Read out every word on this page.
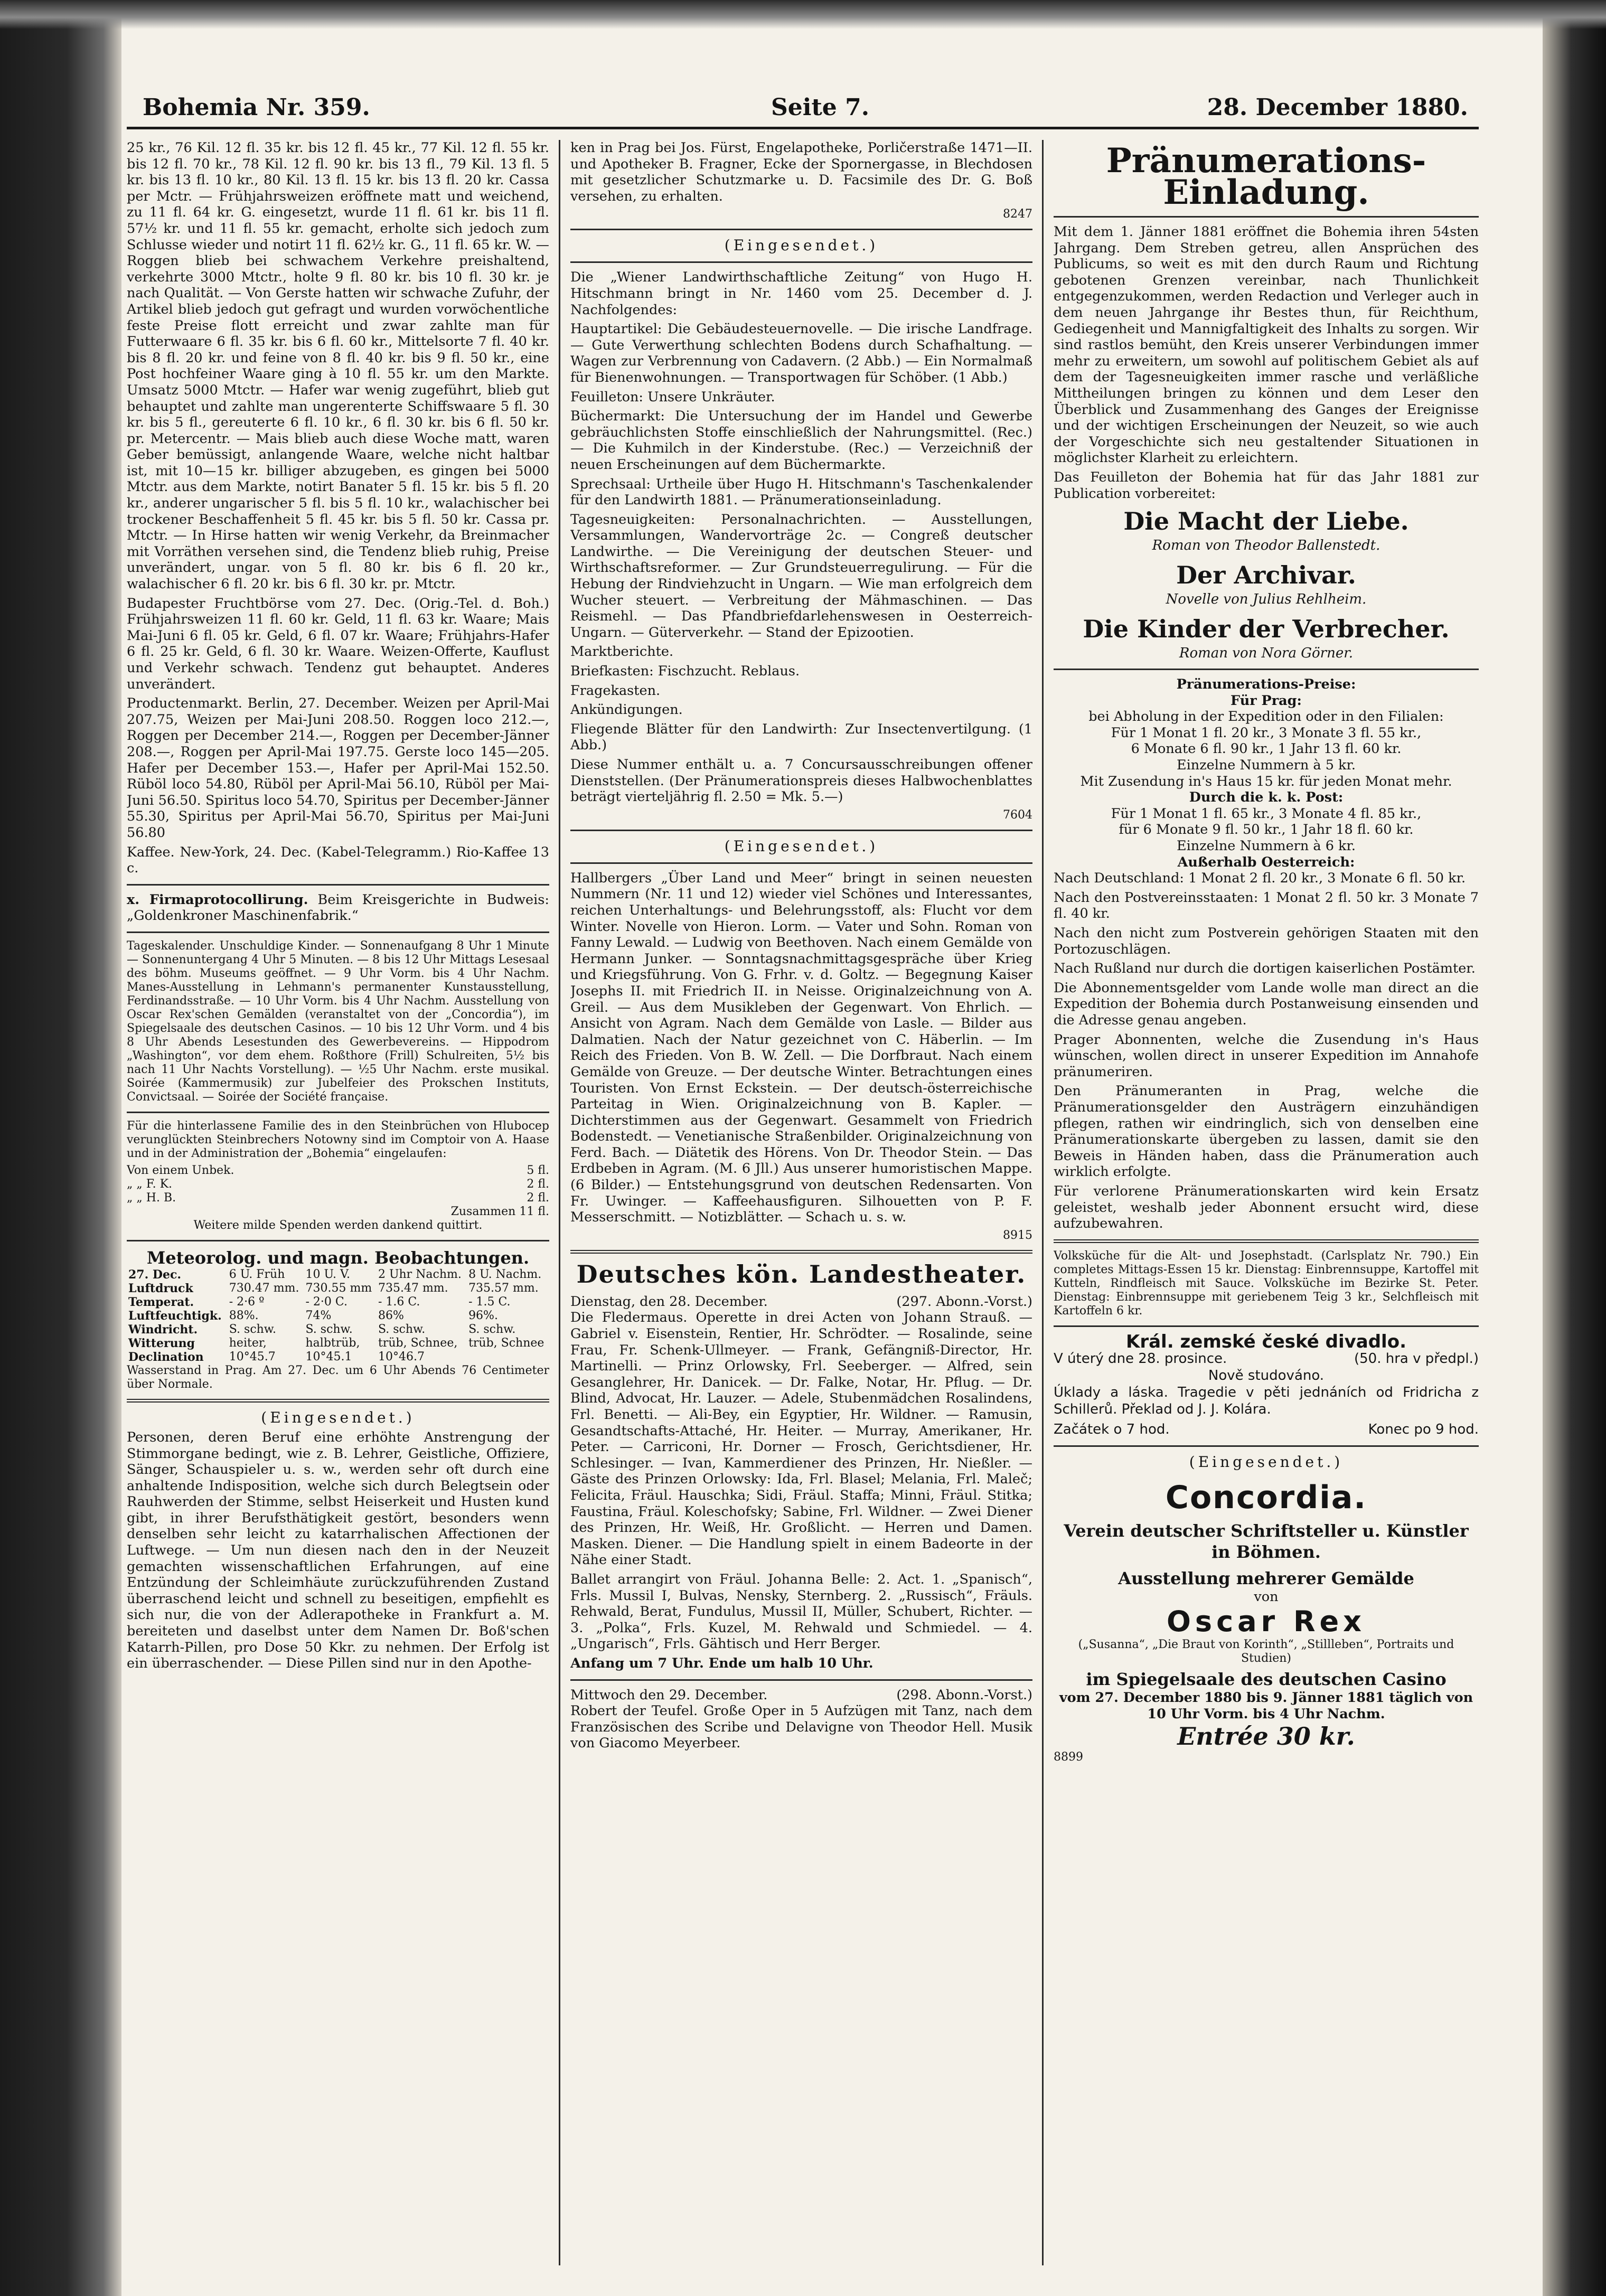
Bohemia Nr. 359.	Seite 7.	28. December 1880.

25 kr., 76 Kil. 12 fl. 35 kr. bis 12 fl. 45 kr., 77 Kil. 12 fl. 55 kr. bis 12 fl. 70 kr., 78 Kil. 12 fl. 90 kr. bis 13 fl., 79 Kil. 13 fl. 5 kr. bis 13 fl. 10 kr., 80 Kil. 13 fl. 15 kr. bis 13 fl. 20 kr. Cassa per Mctr. — Frühjahrsweizen eröffnete matt und weichend, zu 11 fl. 64 kr. G. eingesetzt, wurde 11 fl. 61 kr. bis 11 fl. 57½ kr. und 11 fl. 55 kr. gemacht, erholte sich jedoch zum Schlusse wieder und notirt 11 fl. 62½ kr. G., 11 fl. 65 kr. W. — Roggen blieb bei schwachem Verkehre preishaltend, verkehrte 3000 Mtctr., holte 9 fl. 80 kr. bis 10 fl. 30 kr. je nach Qualität. — Von Gerste hatten wir schwache Zufuhr, der Artikel blieb jedoch gut gefragt und wurden vorwöchentliche feste Preise flott erreicht und zwar zahlte man für Futterwaare 6 fl. 35 kr. bis 6 fl. 60 kr., Mittelsorte 7 fl. 40 kr. bis 8 fl. 20 kr. und feine von 8 fl. 40 kr. bis 9 fl. 50 kr., eine Post hochfeiner Waare ging à 10 fl. 55 kr. um den Markte. Umsatz 5000 Mtctr. — Hafer war wenig zugeführt, blieb gut behauptet und zahlte man ungerenterte Schiffswaare 5 fl. 30 kr. bis 5 fl., gereuterte 6 fl. 10 kr., 6 fl. 30 kr. bis 6 fl. 50 kr. pr. Metercentr. — Mais blieb auch diese Woche matt, waren Geber bemüssigt, anlangende Waare, welche nicht haltbar ist, mit 10—15 kr. billiger abzugeben, es gingen bei 5000 Mtctr. aus dem Markte, notirt Banater 5 fl. 15 kr. bis 5 fl. 20 kr., anderer ungarischer 5 fl. bis 5 fl. 10 kr., walachischer bei trockener Beschaffenheit 5 fl. 45 kr. bis 5 fl. 50 kr. Cassa pr. Mtctr. — In Hirse hatten wir wenig Verkehr, da Breinmacher mit Vorräthen versehen sind, die Tendenz blieb ruhig, Preise unverändert, ungar. von 5 fl. 80 kr. bis 6 fl. 20 kr., walachischer 6 fl. 20 kr. bis 6 fl. 30 kr. pr. Mtctr.

Budapester Fruchtbörse vom 27. Dec. (Orig.-Tel. d. Boh.) Frühjahrsweizen 11 fl. 60 kr. Geld, 11 fl. 63 kr. Waare; Mais Mai-Juni 6 fl. 05 kr. Geld, 6 fl. 07 kr. Waare; Frühjahrs-Hafer 6 fl. 25 kr. Geld, 6 fl. 30 kr. Waare. Weizen-Offerte, Kauflust und Verkehr schwach. Tendenz gut behauptet. Anderes unverändert.

Productenmarkt. Berlin, 27. December. Weizen per April-Mai 207.75, Weizen per Mai-Juni 208.50. Roggen loco 212.—, Roggen per December 214.—, Roggen per December-Jänner 208.—, Roggen per April-Mai 197.75. Gerste loco 145—205. Hafer per December 153.—, Hafer per April-Mai 152.50. Rüböl loco 54.80, Rüböl per April-Mai 56.10, Rüböl per Mai-Juni 56.50. Spiritus loco 54.70, Spiritus per December-Jänner 55.30, Spiritus per April-Mai 56.70, Spiritus per Mai-Juni 56.80

Kaffee. New-York, 24. Dec. (Kabel-Telegramm.) Rio-Kaffee 13 c.

x. Firmaprotocollirung. Beim Kreisgerichte in Budweis: „Goldenkroner Maschinenfabrik.“

Tageskalender. Unschuldige Kinder. — Sonnenaufgang 8 Uhr 1 Minute — Sonnenuntergang 4 Uhr 5 Minuten. — 8 bis 12 Uhr Mittags Lesesaal des böhm. Museums geöffnet. — 9 Uhr Vorm. bis 4 Uhr Nachm. Manes-Ausstellung in Lehmann's permanenter Kunstausstellung, Ferdinandsstraße. — 10 Uhr Vorm. bis 4 Uhr Nachm. Ausstellung von Oscar Rex'schen Gemälden (veranstaltet von der „Concordia“), im Spiegelsaale des deutschen Casinos. — 10 bis 12 Uhr Vorm. und 4 bis 8 Uhr Abends Lesestunden des Gewerbevereins. — Hippodrom „Washington“, vor dem ehem. Roßthore (Frill) Schulreiten, 5½ bis nach 11 Uhr Nachts Vorstellung). — ½5 Uhr Nachm. erste musikal. Soirée (Kammermusik) zur Jubelfeier des Prokschen Instituts, Convictsaal. — Soirée der Société française.

Für die hinterlassene Familie des in den Steinbrüchen von Hlubocep verunglückten Steinbrechers Notowny sind im Comptoir von A. Haase und in der Administration der „Bohemia“ eingelaufen:

Von einem Unbek.	5 fl.
„ „ F. K.	2 fl.
„ „ H. B.	2 fl.
Zusammen 11 fl.
Weitere milde Spenden werden dankend quittirt.
Meteorolog. und magn. Beobachtungen.
27. Dec.	6 U. Früh	10 U. V.	2 Uhr Nachm.	8 U. Nachm.
Luftdruck	730.47 mm.	730.55 mm	735.47 mm.	735.57 mm.
Temperat.	- 2·6 º	- 2·0 C.	- 1.6 C.	- 1.5 C.
Luftfeuchtigk.	88%.	74%	86%	96%.
Windricht.	S. schw.	S. schw.	S. schw.	S. schw.
Witterung	heiter,	halbtrüb,	trüb, Schnee,	trüb, Schnee
Declination	10°45.7	10°45.1	10°46.7	

Wasserstand in Prag. Am 27. Dec. um 6 Uhr Abends 76 Centimeter über Normale.

(Eingesendet.)

Personen, deren Beruf eine erhöhte Anstrengung der Stimmorgane bedingt, wie z. B. Lehrer, Geistliche, Offiziere, Sänger, Schauspieler u. s. w., werden sehr oft durch eine anhaltende Indisposition, welche sich durch Belegtsein oder Rauhwerden der Stimme, selbst Heiserkeit und Husten kund gibt, in ihrer Berufsthätigkeit gestört, besonders wenn denselben sehr leicht zu katarrhalischen Affectionen der Luftwege. — Um nun diesen nach den in der Neuzeit gemachten wissenschaftlichen Erfahrungen, auf eine Entzündung der Schleimhäute zurückzuführenden Zustand überraschend leicht und schnell zu beseitigen, empfiehlt es sich nur, die von der Adlerapotheke in Frankfurt a. M. bereiteten und daselbst unter dem Namen Dr. Boß'schen Katarrh-Pillen, pro Dose 50 Kkr. zu nehmen. Der Erfolg ist ein überraschender. — Diese Pillen sind nur in den Apothe-

ken in Prag bei Jos. Fürst, Engelapotheke, Porličerstraße 1471—II. und Apotheker B. Fragner, Ecke der Spornergasse, in Blechdosen mit gesetzlicher Schutzmarke u. D. Facsimile des Dr. G. Boß versehen, zu erhalten.

8247
(Eingesendet.)

Die „Wiener Landwirthschaftliche Zeitung“ von Hugo H. Hitschmann bringt in Nr. 1460 vom 25. December d. J. Nachfolgendes:

Hauptartikel: Die Gebäudesteuernovelle. — Die irische Landfrage. — Gute Verwerthung schlechten Bodens durch Schafhaltung. — Wagen zur Verbrennung von Cadavern. (2 Abb.) — Ein Normalmaß für Bienenwohnungen. — Transportwagen für Schöber. (1 Abb.)

Feuilleton: Unsere Unkräuter.

Büchermarkt: Die Untersuchung der im Handel und Gewerbe gebräuchlichsten Stoffe einschließlich der Nahrungsmittel. (Rec.) — Die Kuhmilch in der Kinderstube. (Rec.) — Verzeichniß der neuen Erscheinungen auf dem Büchermarkte.

Sprechsaal: Urtheile über Hugo H. Hitschmann's Taschenkalender für den Landwirth 1881. — Pränumerationseinladung.

Tagesneuigkeiten: Personalnachrichten. — Ausstellungen, Versammlungen, Wandervorträge 2c. — Congreß deutscher Landwirthe. — Die Vereinigung der deutschen Steuer- und Wirthschaftsreformer. — Zur Grundsteuerregulirung. — Für die Hebung der Rindviehzucht in Ungarn. — Wie man erfolgreich dem Wucher steuert. — Verbreitung der Mähmaschinen. — Das Reismehl. — Das Pfandbriefdarlehenswesen in Oesterreich-Ungarn. — Güterverkehr. — Stand der Epizootien.

Marktberichte.

Briefkasten: Fischzucht. Reblaus.

Fragekasten.

Ankündigungen.

Fliegende Blätter für den Landwirth: Zur Insectenvertilgung. (1 Abb.)

Diese Nummer enthält u. a. 7 Concursausschreibungen offener Dienststellen. (Der Pränumerationspreis dieses Halbwochenblattes beträgt vierteljährig fl. 2.50 = Mk. 5.—)

7604
(Eingesendet.)

Hallbergers „Über Land und Meer“ bringt in seinen neuesten Nummern (Nr. 11 und 12) wieder viel Schönes und Interessantes, reichen Unterhaltungs- und Belehrungsstoff, als: Flucht vor dem Winter. Novelle von Hieron. Lorm. — Vater und Sohn. Roman von Fanny Lewald. — Ludwig von Beethoven. Nach einem Gemälde von Hermann Junker. — Sonntagsnachmittagsgespräche über Krieg und Kriegsführung. Von G. Frhr. v. d. Goltz. — Begegnung Kaiser Josephs II. mit Friedrich II. in Neisse. Originalzeichnung von A. Greil. — Aus dem Musikleben der Gegenwart. Von Ehrlich. — Ansicht von Agram. Nach dem Gemälde von Lasle. — Bilder aus Dalmatien. Nach der Natur gezeichnet von C. Häberlin. — Im Reich des Frieden. Von B. W. Zell. — Die Dorfbraut. Nach einem Gemälde von Greuze. — Der deutsche Winter. Betrachtungen eines Touristen. Von Ernst Eckstein. — Der deutsch-österreichische Parteitag in Wien. Originalzeichnung von B. Kapler. — Dichterstimmen aus der Gegenwart. Gesammelt von Friedrich Bodenstedt. — Venetianische Straßenbilder. Originalzeichnung von Ferd. Bach. — Diätetik des Hörens. Von Dr. Theodor Stein. — Das Erdbeben in Agram. (M. 6 Jll.) Aus unserer humoristischen Mappe. (6 Bilder.) — Entstehungsgrund von deutschen Redensarten. Von Fr. Uwinger. — Kaffeehausfiguren. Silhouetten von P. F. Messerschmitt. — Notizblätter. — Schach u. s. w.

8915
Deutsches kön. Landestheater.
Dienstag, den 28. December.	(297. Abonn.-Vorst.)

Die Fledermaus. Operette in drei Acten von Johann Strauß. — Gabriel v. Eisenstein, Rentier, Hr. Schrödter. — Rosalinde, seine Frau, Fr. Schenk-Ullmeyer. — Frank, Gefängniß-Director, Hr. Martinelli. — Prinz Orlowsky, Frl. Seeberger. — Alfred, sein Gesanglehrer, Hr. Danicek. — Dr. Falke, Notar, Hr. Pflug. — Dr. Blind, Advocat, Hr. Lauzer. — Adele, Stubenmädchen Rosalindens, Frl. Benetti. — Ali-Bey, ein Egyptier, Hr. Wildner. — Ramusin, Gesandtschafts-Attaché, Hr. Heiter. — Murray, Amerikaner, Hr. Peter. — Carriconi, Hr. Dorner — Frosch, Gerichtsdiener, Hr. Schlesinger. — Ivan, Kammerdiener des Prinzen, Hr. Nießler. — Gäste des Prinzen Orlowsky: Ida, Frl. Blasel; Melania, Frl. Maleč; Felicita, Fräul. Hauschka; Sidi, Fräul. Staffa; Minni, Fräul. Stitka; Faustina, Fräul. Koleschofsky; Sabine, Frl. Wildner. — Zwei Diener des Prinzen, Hr. Weiß, Hr. Großlicht. — Herren und Damen. Masken. Diener. — Die Handlung spielt in einem Badeorte in der Nähe einer Stadt.

Ballet arrangirt von Fräul. Johanna Belle: 2. Act. 1. „Spanisch“, Frls. Mussil I, Bulvas, Nensky, Sternberg. 2. „Russisch“, Fräuls. Rehwald, Berat, Fundulus, Mussil II, Müller, Schubert, Richter. — 3. „Polka“, Frls. Kuzel, M. Rehwald und Schmiedel. — 4. „Ungarisch“, Frls. Gähtisch und Herr Berger.

Anfang um 7 Uhr. Ende um halb 10 Uhr.

Mittwoch den 29. December.	(298. Abonn.-Vorst.)

Robert der Teufel. Große Oper in 5 Aufzügen mit Tanz, nach dem Französischen des Scribe und Delavigne von Theodor Hell. Musik von Giacomo Meyerbeer.

Pränumerations-Einladung.

Mit dem 1. Jänner 1881 eröffnet die Bohemia ihren 54sten Jahrgang. Dem Streben getreu, allen Ansprüchen des Publicums, so weit es mit den durch Raum und Richtung gebotenen Grenzen vereinbar, nach Thunlichkeit entgegenzukommen, werden Redaction und Verleger auch in dem neuen Jahrgange ihr Bestes thun, für Reichthum, Gediegenheit und Mannigfaltigkeit des Inhalts zu sorgen. Wir sind rastlos bemüht, den Kreis unserer Verbindungen immer mehr zu erweitern, um sowohl auf politischem Gebiet als auf dem der Tagesneuigkeiten immer rasche und verläßliche Mittheilungen bringen zu können und dem Leser den Überblick und Zusammenhang des Ganges der Ereignisse und der wichtigen Erscheinungen der Neuzeit, so wie auch der Vorgeschichte sich neu gestaltender Situationen in möglichster Klarheit zu erleichtern.

Das Feuilleton der Bohemia hat für das Jahr 1881 zur Publication vorbereitet:

Die Macht der Liebe.
Roman von Theodor Ballenstedt.
Der Archivar.
Novelle von Julius Rehlheim.
Die Kinder der Verbrecher.
Roman von Nora Görner.
Pränumerations-Preise:
Für Prag:
bei Abholung in der Expedition oder in den Filialen:
Für 1 Monat 1 fl. 20 kr., 3 Monate 3 fl. 55 kr.,
6 Monate 6 fl. 90 kr., 1 Jahr 13 fl. 60 kr.
Einzelne Nummern à 5 kr.
Mit Zusendung in's Haus 15 kr. für jeden Monat mehr.
Durch die k. k. Post:
Für 1 Monat 1 fl. 65 kr., 3 Monate 4 fl. 85 kr.,
für 6 Monate 9 fl. 50 kr., 1 Jahr 18 fl. 60 kr.
Einzelne Nummern à 6 kr.
Außerhalb Oesterreich:

Nach Deutschland: 1 Monat 2 fl. 20 kr., 3 Monate 6 fl. 50 kr.

Nach den Postvereinsstaaten: 1 Monat 2 fl. 50 kr. 3 Monate 7 fl. 40 kr.

Nach den nicht zum Postverein gehörigen Staaten mit den Portozuschlägen.

Nach Rußland nur durch die dortigen kaiserlichen Postämter.

Die Abonnementsgelder vom Lande wolle man direct an die Expedition der Bohemia durch Postanweisung einsenden und die Adresse genau angeben.

Prager Abonnenten, welche die Zusendung in's Haus wünschen, wollen direct in unserer Expedition im Annahofe pränumeriren.

Den Pränumeranten in Prag, welche die Pränumerationsgelder den Austrägern einzuhändigen pflegen, rathen wir eindringlich, sich von denselben eine Pränumerationskarte übergeben zu lassen, damit sie den Beweis in Händen haben, dass die Pränumeration auch wirklich erfolgte.

Für verlorene Pränumerationskarten wird kein Ersatz geleistet, weshalb jeder Abonnent ersucht wird, diese aufzubewahren.

Volksküche für die Alt- und Josephstadt. (Carlsplatz Nr. 790.) Ein completes Mittags-Essen 15 kr. Dienstag: Einbrennsuppe, Kartoffel mit Kutteln, Rindfleisch mit Sauce. Volksküche im Bezirke St. Peter. Dienstag: Einbrennsuppe mit geriebenem Teig 3 kr., Selchfleisch mit Kartoffeln 6 kr.

Král. zemské české divadlo.
V úterý dne 28. prosince.	(50. hra v předpl.)
Nově studováno.

Úklady a láska. Tragedie v pěti jednáních od Fridricha z Schillerů. Překlad od J. J. Kolára.

Začátek o 7 hod.	Konec po 9 hod.
(Eingesendet.)
Concordia.
Verein deutscher Schriftsteller u. Künstler in Böhmen.
Ausstellung mehrerer Gemälde
von
Oscar Rex
(„Susanna“, „Die Braut von Korinth“, „Stillleben“, Portraits und Studien)
im Spiegelsaale des deutschen Casino
vom 27. December 1880 bis 9. Jänner 1881 täglich von 10 Uhr Vorm. bis 4 Uhr Nachm.
Entrée 30 kr.
8899
